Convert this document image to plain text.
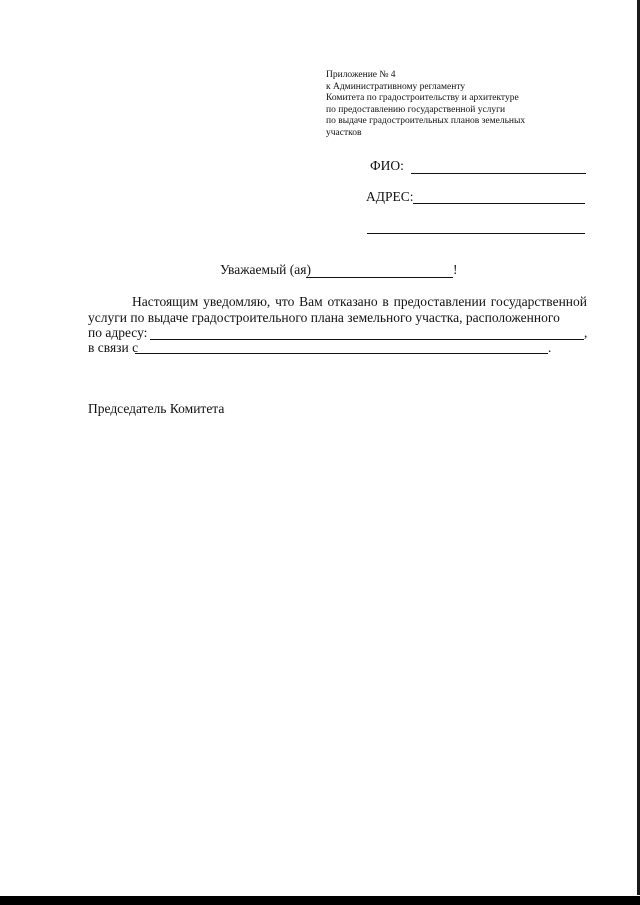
Приложение № 4
к Административному регламенту
Комитета по градостроительству и архитектуре
по предоставлению государственной услуги
по выдаче градостроительных планов земельных
участков
ФИО:
АДРЕС:
Уважаемый (ая)	!
Настоящим уведомляю, что Вам отказано в предоставлении государственной услуги по выдаче градостроительного плана земельного участка, расположенного
по адресу:	,
в связи с	.
Председатель Комитета
